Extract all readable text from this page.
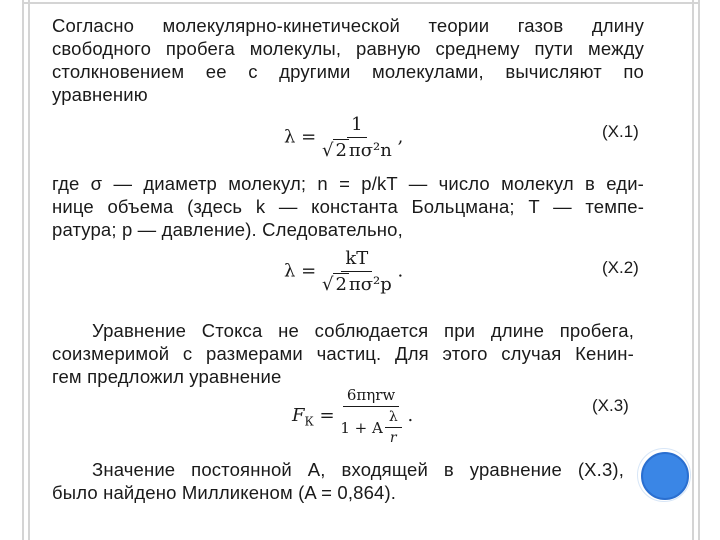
Согласно молекулярно-кинетической теории газов длину
свободного пробега молекулы, равную среднему пути между
столкновением ее с другими молекулами, вычисляют по
уравнению
$\lambda = \frac{1}{\text{√ 2 πσ²n}}$ ,	(X.1)
где σ — диаметр молекул; n = p/kT — число молекул в еди-
нице объема (здесь k — константа Больцмана; T — темпе-
ратура; p — давление). Следовательно,
$\lambda = \frac{kT}{\text{√ 2 πσ²p}}$ .	(X.2)
Уравнение Стокса не соблюдается при длине пробега,
соизмеримой с размерами частиц. Для этого случая Кенин-
гем предложил уравнение
$F_К = \frac{\text{6πηrw}}{1 + A \frac{\lambda}{r}}$ .	(X.3)
Значение постоянной A, входящей в уравнение (X.3),
было найдено Милликеном (A = 0,864).
